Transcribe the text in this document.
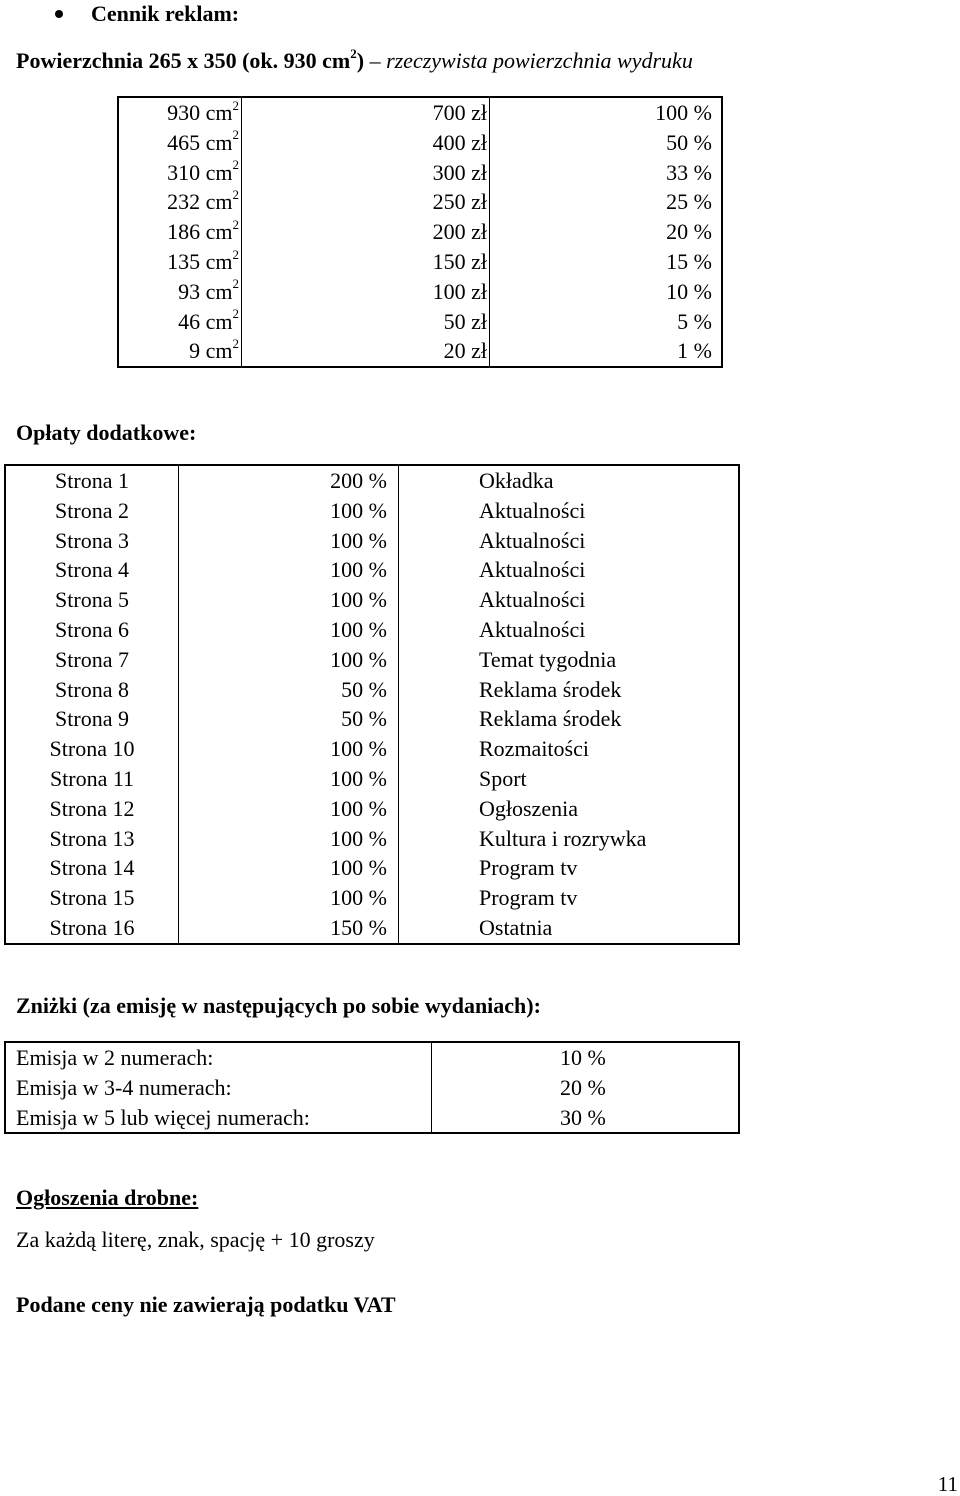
Cennik reklam:
Powierzchnia 265 x 350 (ok. 930 $cm^2$) – rzeczywista powierzchnia wydruku
930 $cm^2$	700 zł	100 %
465 $cm^2$	400 zł	50 %
310 $cm^2$	300 zł	33 %
232 $cm^2$	250 zł	25 %
186 $cm^2$	200 zł	20 %
135 $cm^2$	150 zł	15 %
93 $cm^2$	100 zł	10 %
46 $cm^2$	50 zł	5 %
9 $cm^2$	20 zł	1 %
Opłaty dodatkowe:
Strona 1	200 %	Okładka
Strona 2	100 %	Aktualności
Strona 3	100 %	Aktualności
Strona 4	100 %	Aktualności
Strona 5	100 %	Aktualności
Strona 6	100 %	Aktualności
Strona 7	100 %	Temat tygodnia
Strona 8	50 %	Reklama środek
Strona 9	50 %	Reklama środek
Strona 10	100 %	Rozmaitości
Strona 11	100 %	Sport
Strona 12	100 %	Ogłoszenia
Strona 13	100 %	Kultura i rozrywka
Strona 14	100 %	Program tv
Strona 15	100 %	Program tv
Strona 16	150 %	Ostatnia
Zniżki (za emisję w następujących po sobie wydaniach):
Emisja w 2 numerach:	10 %
Emisja w 3-4 numerach:	20 %
Emisja w 5 lub więcej numerach:	30 %
Ogłoszenia drobne:
Za każdą literę, znak, spację + 10 groszy
Podane ceny nie zawierają podatku VAT
11
